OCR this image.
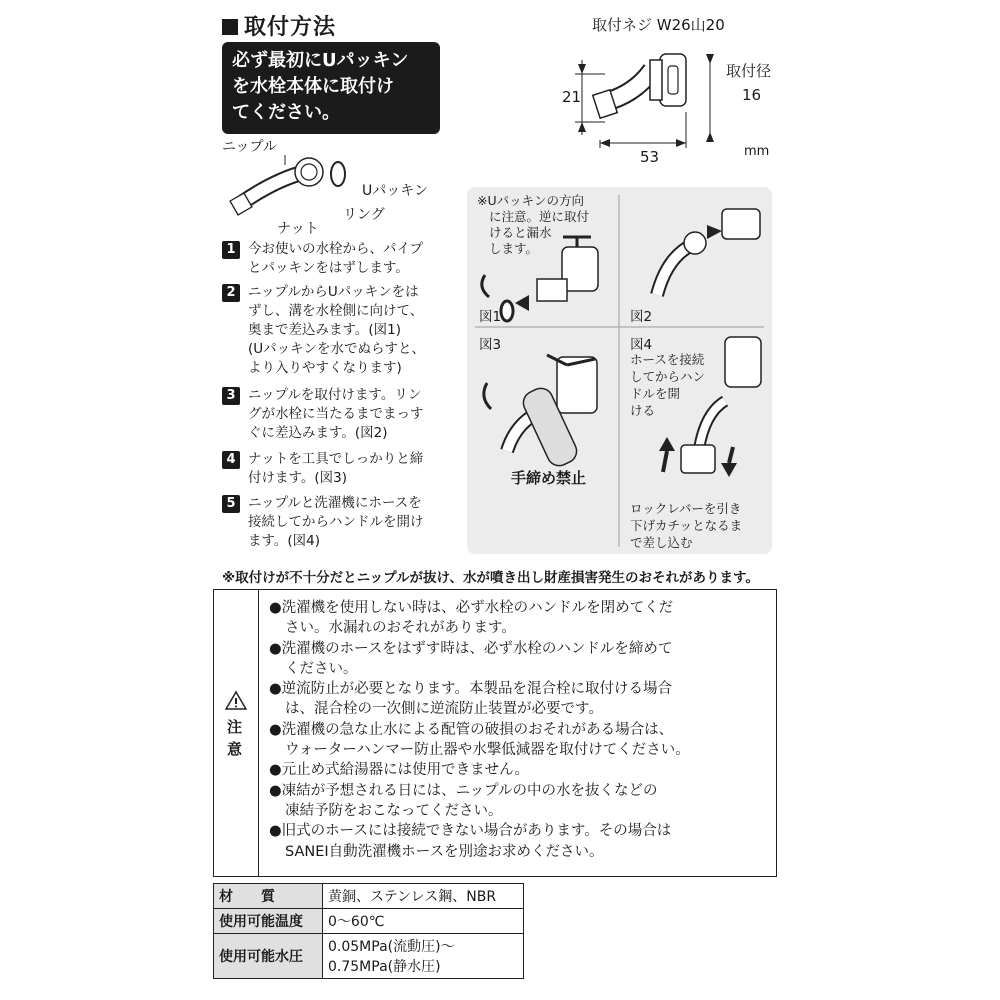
取付方法
必ず最初にUパッキン
を水栓本体に取付け
てください。
取付ネジ W26山20
取付径
16
21
53	mm
ニップル
Uパッキン
リング
ナット
1 今お使いの水栓から、パイプ
とパッキンをはずします。
2 ニップルからUパッキンをは
ずし、溝を水栓側に向けて、
奥まで差込みます。(図1)
(Uパッキンを水でぬらすと、
より入りやすくなります)
3 ニップルを取付けます。リン
グが水栓に当たるまでまっす
ぐに差込みます。(図2)
4 ナットを工具でしっかりと締
付けます。(図3)
5 ニップルと洗濯機にホースを
接続してからハンドルを開け
ます。(図4)
※Uパッキンの方向
に注意。逆に取付
けると漏水
します。
図1	図2
図3
手締め禁止
図4
ホースを接続
してからハン
ドルを開
ける
ロックレバーを引き
下げカチッとなるま
で差し込む
※取付けが不十分だとニップルが抜け、水が噴き出し財産損害発生のおそれがあります。
注
意
●洗濯機を使用しない時は、必ず水栓のハンドルを閉めてくだ
さい。水漏れのおそれがあります。
●洗濯機のホースをはずす時は、必ず水栓のハンドルを締めて
ください。
●逆流防止が必要となります。本製品を混合栓に取付ける場合
は、混合栓の一次側に逆流防止装置が必要です。
●洗濯機の急な止水による配管の破損のおそれがある場合は、
ウォーターハンマー防止器や水撃低減器を取付けてください。
●元止め式給湯器には使用できません。
●凍結が予想される日には、ニップルの中の水を抜くなどの
凍結予防をおこなってください。
●旧式のホースには接続できない場合があります。その場合は
SANEI自動洗濯機ホースを別途お求めください。
材　　質	黄銅、ステンレス鋼、NBR
使用可能温度	0〜60℃
使用可能水圧	0.05MPa(流動圧)〜
0.75MPa(静水圧)
